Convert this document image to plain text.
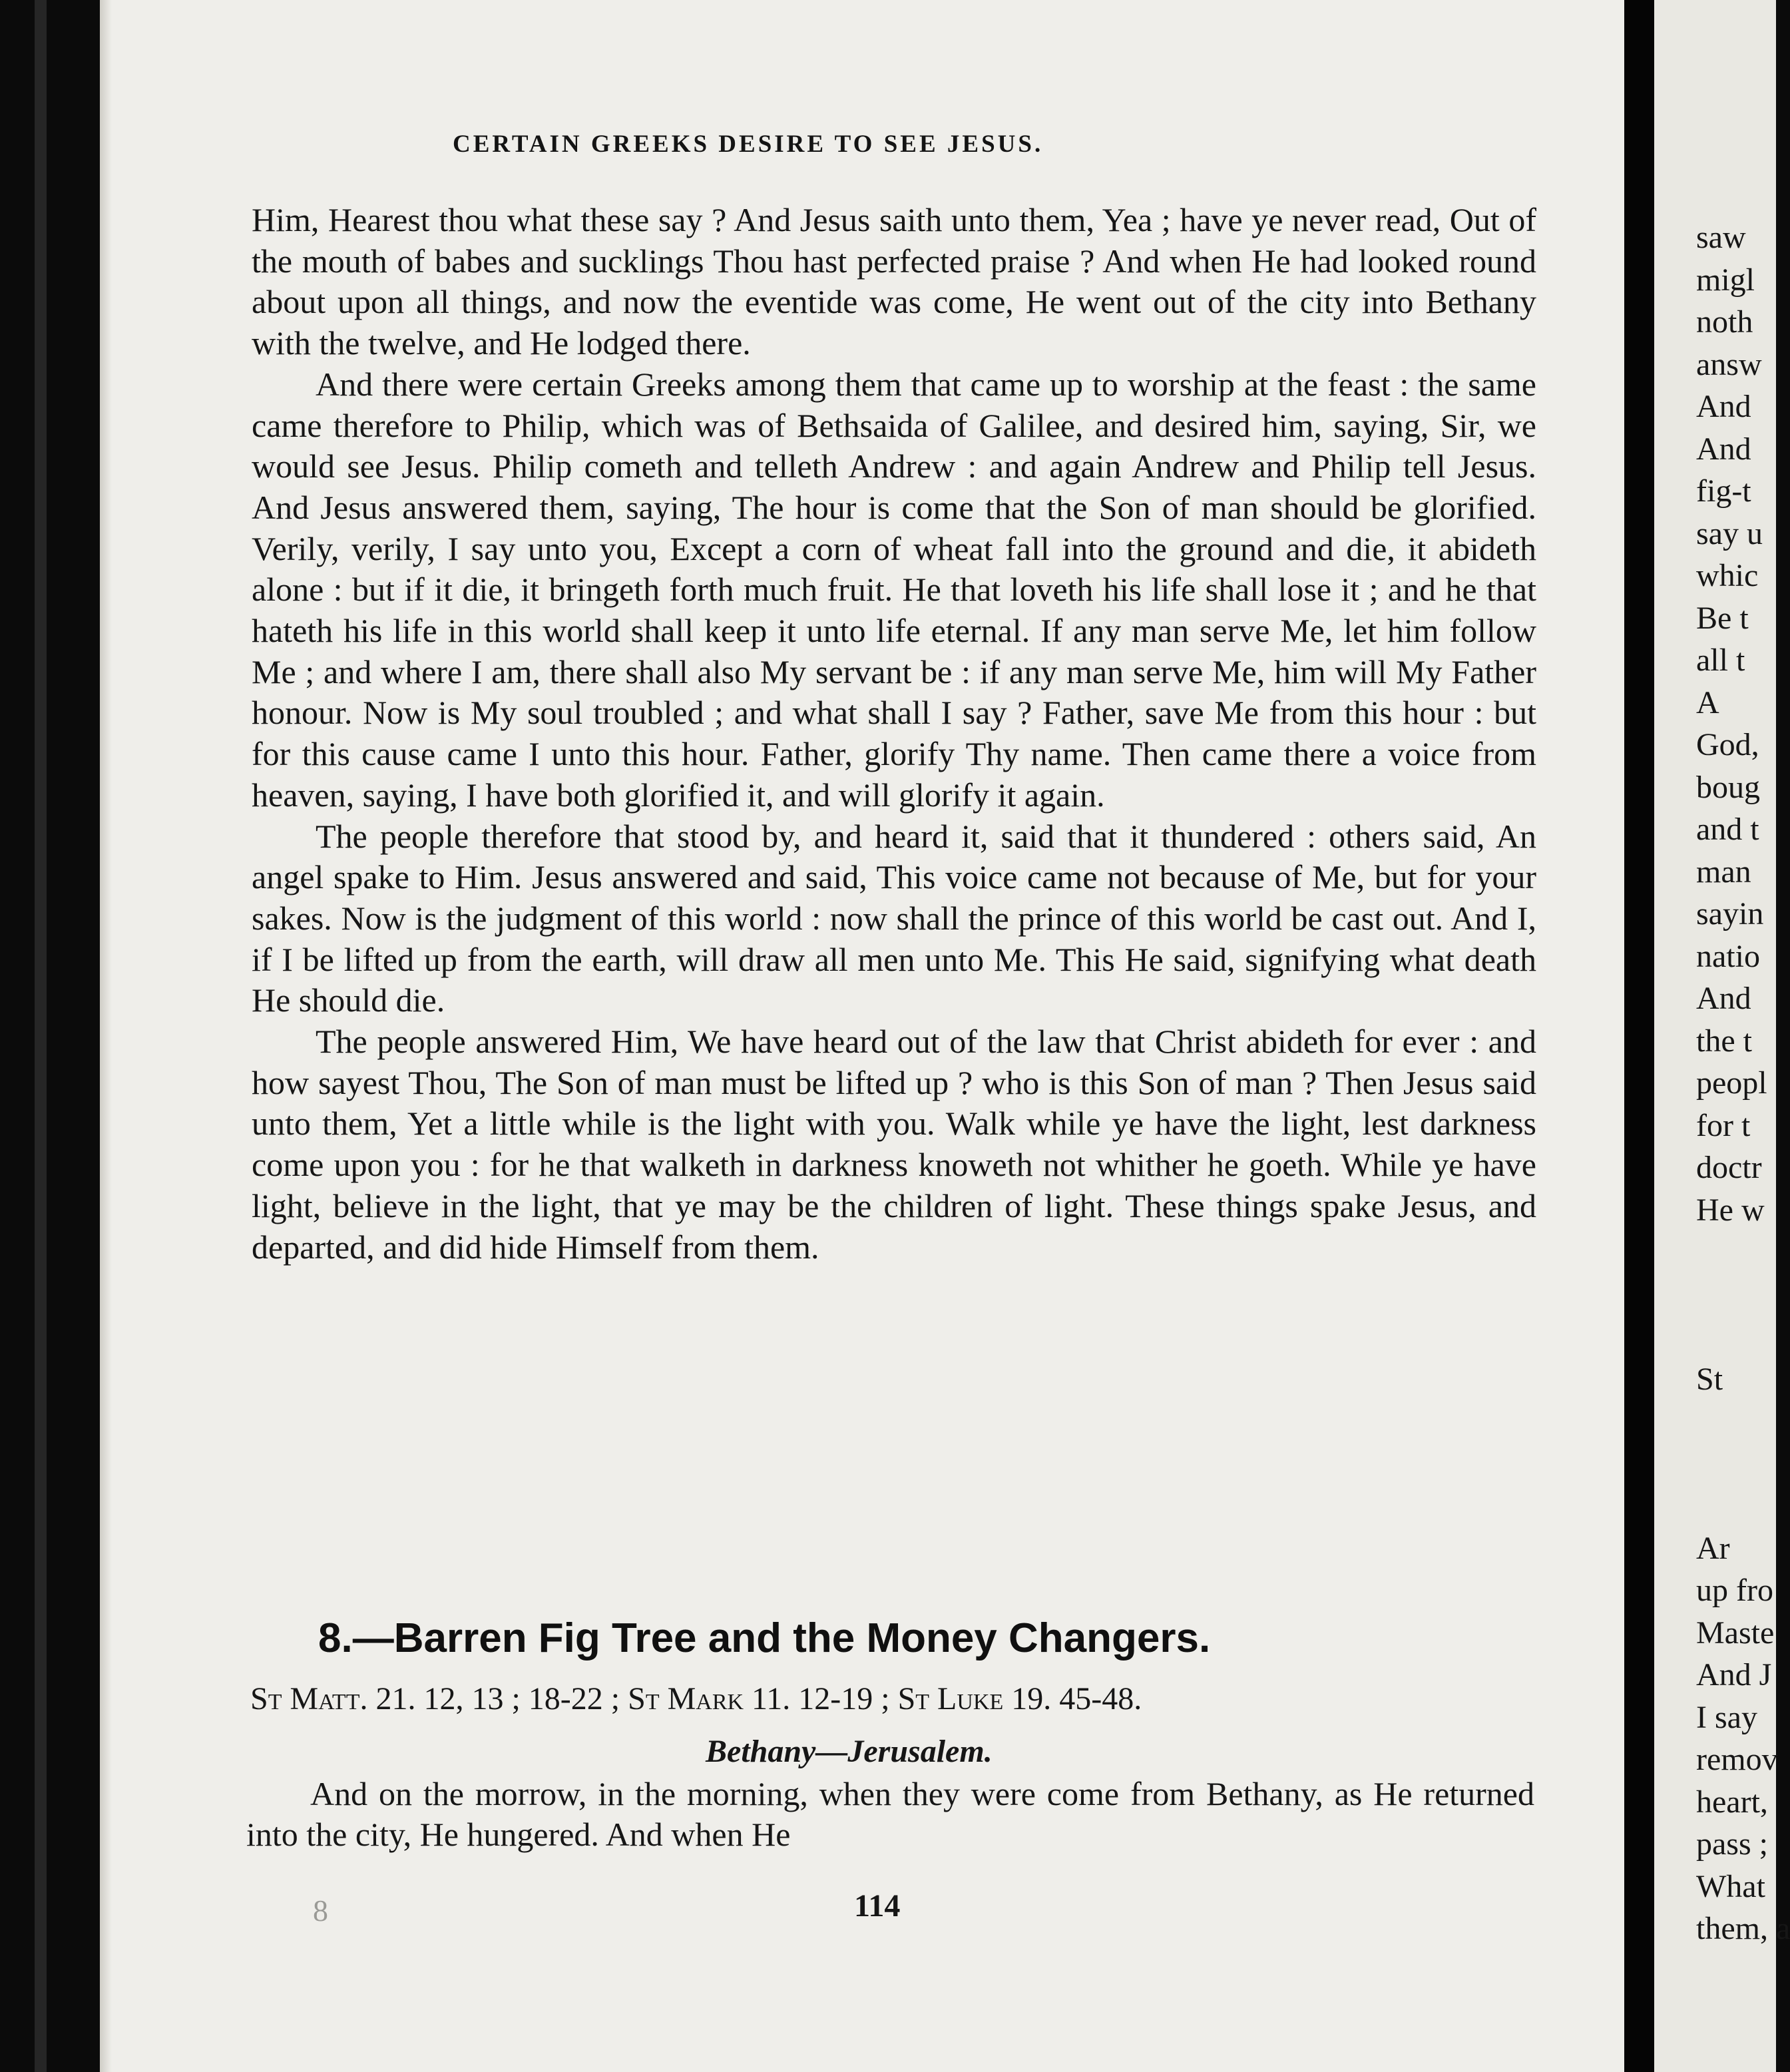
CERTAIN GREEKS DESIRE TO SEE JESUS.

Him, Hearest thou what these say ? And Jesus saith unto them, Yea ; have ye never read, Out of the mouth of babes and sucklings Thou hast perfected praise ? And when He had looked round about upon all things, and now the eventide was come, He went out of the city into Bethany with the twelve, and He lodged there.

And there were certain Greeks among them that came up to worship at the feast : the same came therefore to Philip, which was of Bethsaida of Galilee, and desired him, saying, Sir, we would see Jesus. Philip cometh and telleth Andrew : and again Andrew and Philip tell Jesus. And Jesus answered them, saying, The hour is come that the Son of man should be glorified. Verily, verily, I say unto you, Except a corn of wheat fall into the ground and die, it abideth alone : but if it die, it bringeth forth much fruit. He that loveth his life shall lose it ; and he that hateth his life in this world shall keep it unto life eternal. If any man serve Me, let him follow Me ; and where I am, there shall also My servant be : if any man serve Me, him will My Father honour. Now is My soul troubled ; and what shall I say ? Father, save Me from this hour : but for this cause came I unto this hour. Father, glorify Thy name. Then came there a voice from heaven, saying, I have both glorified it, and will glorify it again.

The people therefore that stood by, and heard it, said that it thundered : others said, An angel spake to Him. Jesus answered and said, This voice came not because of Me, but for your sakes. Now is the judgment of this world : now shall the prince of this world be cast out. And I, if I be lifted up from the earth, will draw all men unto Me. This He said, signifying what death He should die.

The people answered Him, We have heard out of the law that Christ abideth for ever : and how sayest Thou, The Son of man must be lifted up ? who is this Son of man ? Then Jesus said unto them, Yet a little while is the light with you. Walk while ye have the light, lest darkness come upon you : for he that walketh in darkness knoweth not whither he goeth. While ye have light, believe in the light, that ye may be the children of light. These things spake Jesus, and departed, and did hide Himself from them.

8.—Barren Fig Tree and the Money Changers.
St Matt. 21. 12, 13 ; 18-22 ; St Mark 11. 12-19 ; St Luke 19. 45-48.
Bethany—Jerusalem.

And on the morrow, in the morning, when they were come from Bethany, as He returned into the city, He hungered. And when He

8	114
saw
migl
noth
answ
And
And
fig-t
say u
whic
Be t
all t
A
God,
boug
and t
man
sayin
natio
And
the t
peopl
for t
doctr
He w
St
Ar
up fro
Maste
And J
I say
remov
heart,
pass ;
What
them, a
